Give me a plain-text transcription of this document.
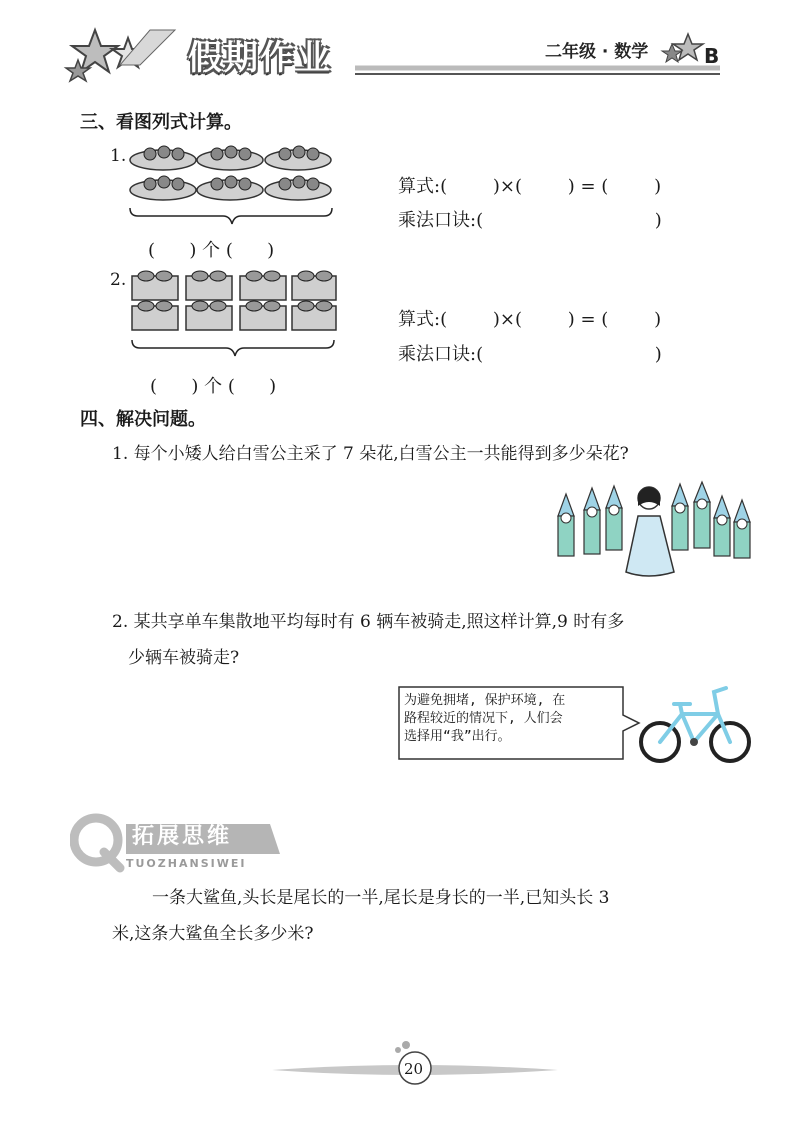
假期作业	二年级 · 数学	B
三、看图列式计算。
1.
(      ) 个 (      )
算式:(        )×(        ) = (        )
乘法口诀:(                              )
2.
(      ) 个 (      )
算式:(        )×(        ) = (        )
乘法口诀:(                              )
四、解决问题。
1. 每个小矮人给白雪公主采了 7 朵花,白雪公主一共能得到多少朵花?
2. 某共享单车集散地平均每时有 6 辆车被骑走,照这样计算,9 时有多
少辆车被骑走?
为避免拥堵, 保护环境, 在
路程较近的情况下, 人们会
选择用“我”出行。
拓展思维
TUOZHANSIWEI
一条大鲨鱼,头长是尾长的一半,尾长是身长的一半,已知头长 3
米,这条大鲨鱼全长多少米?
20
